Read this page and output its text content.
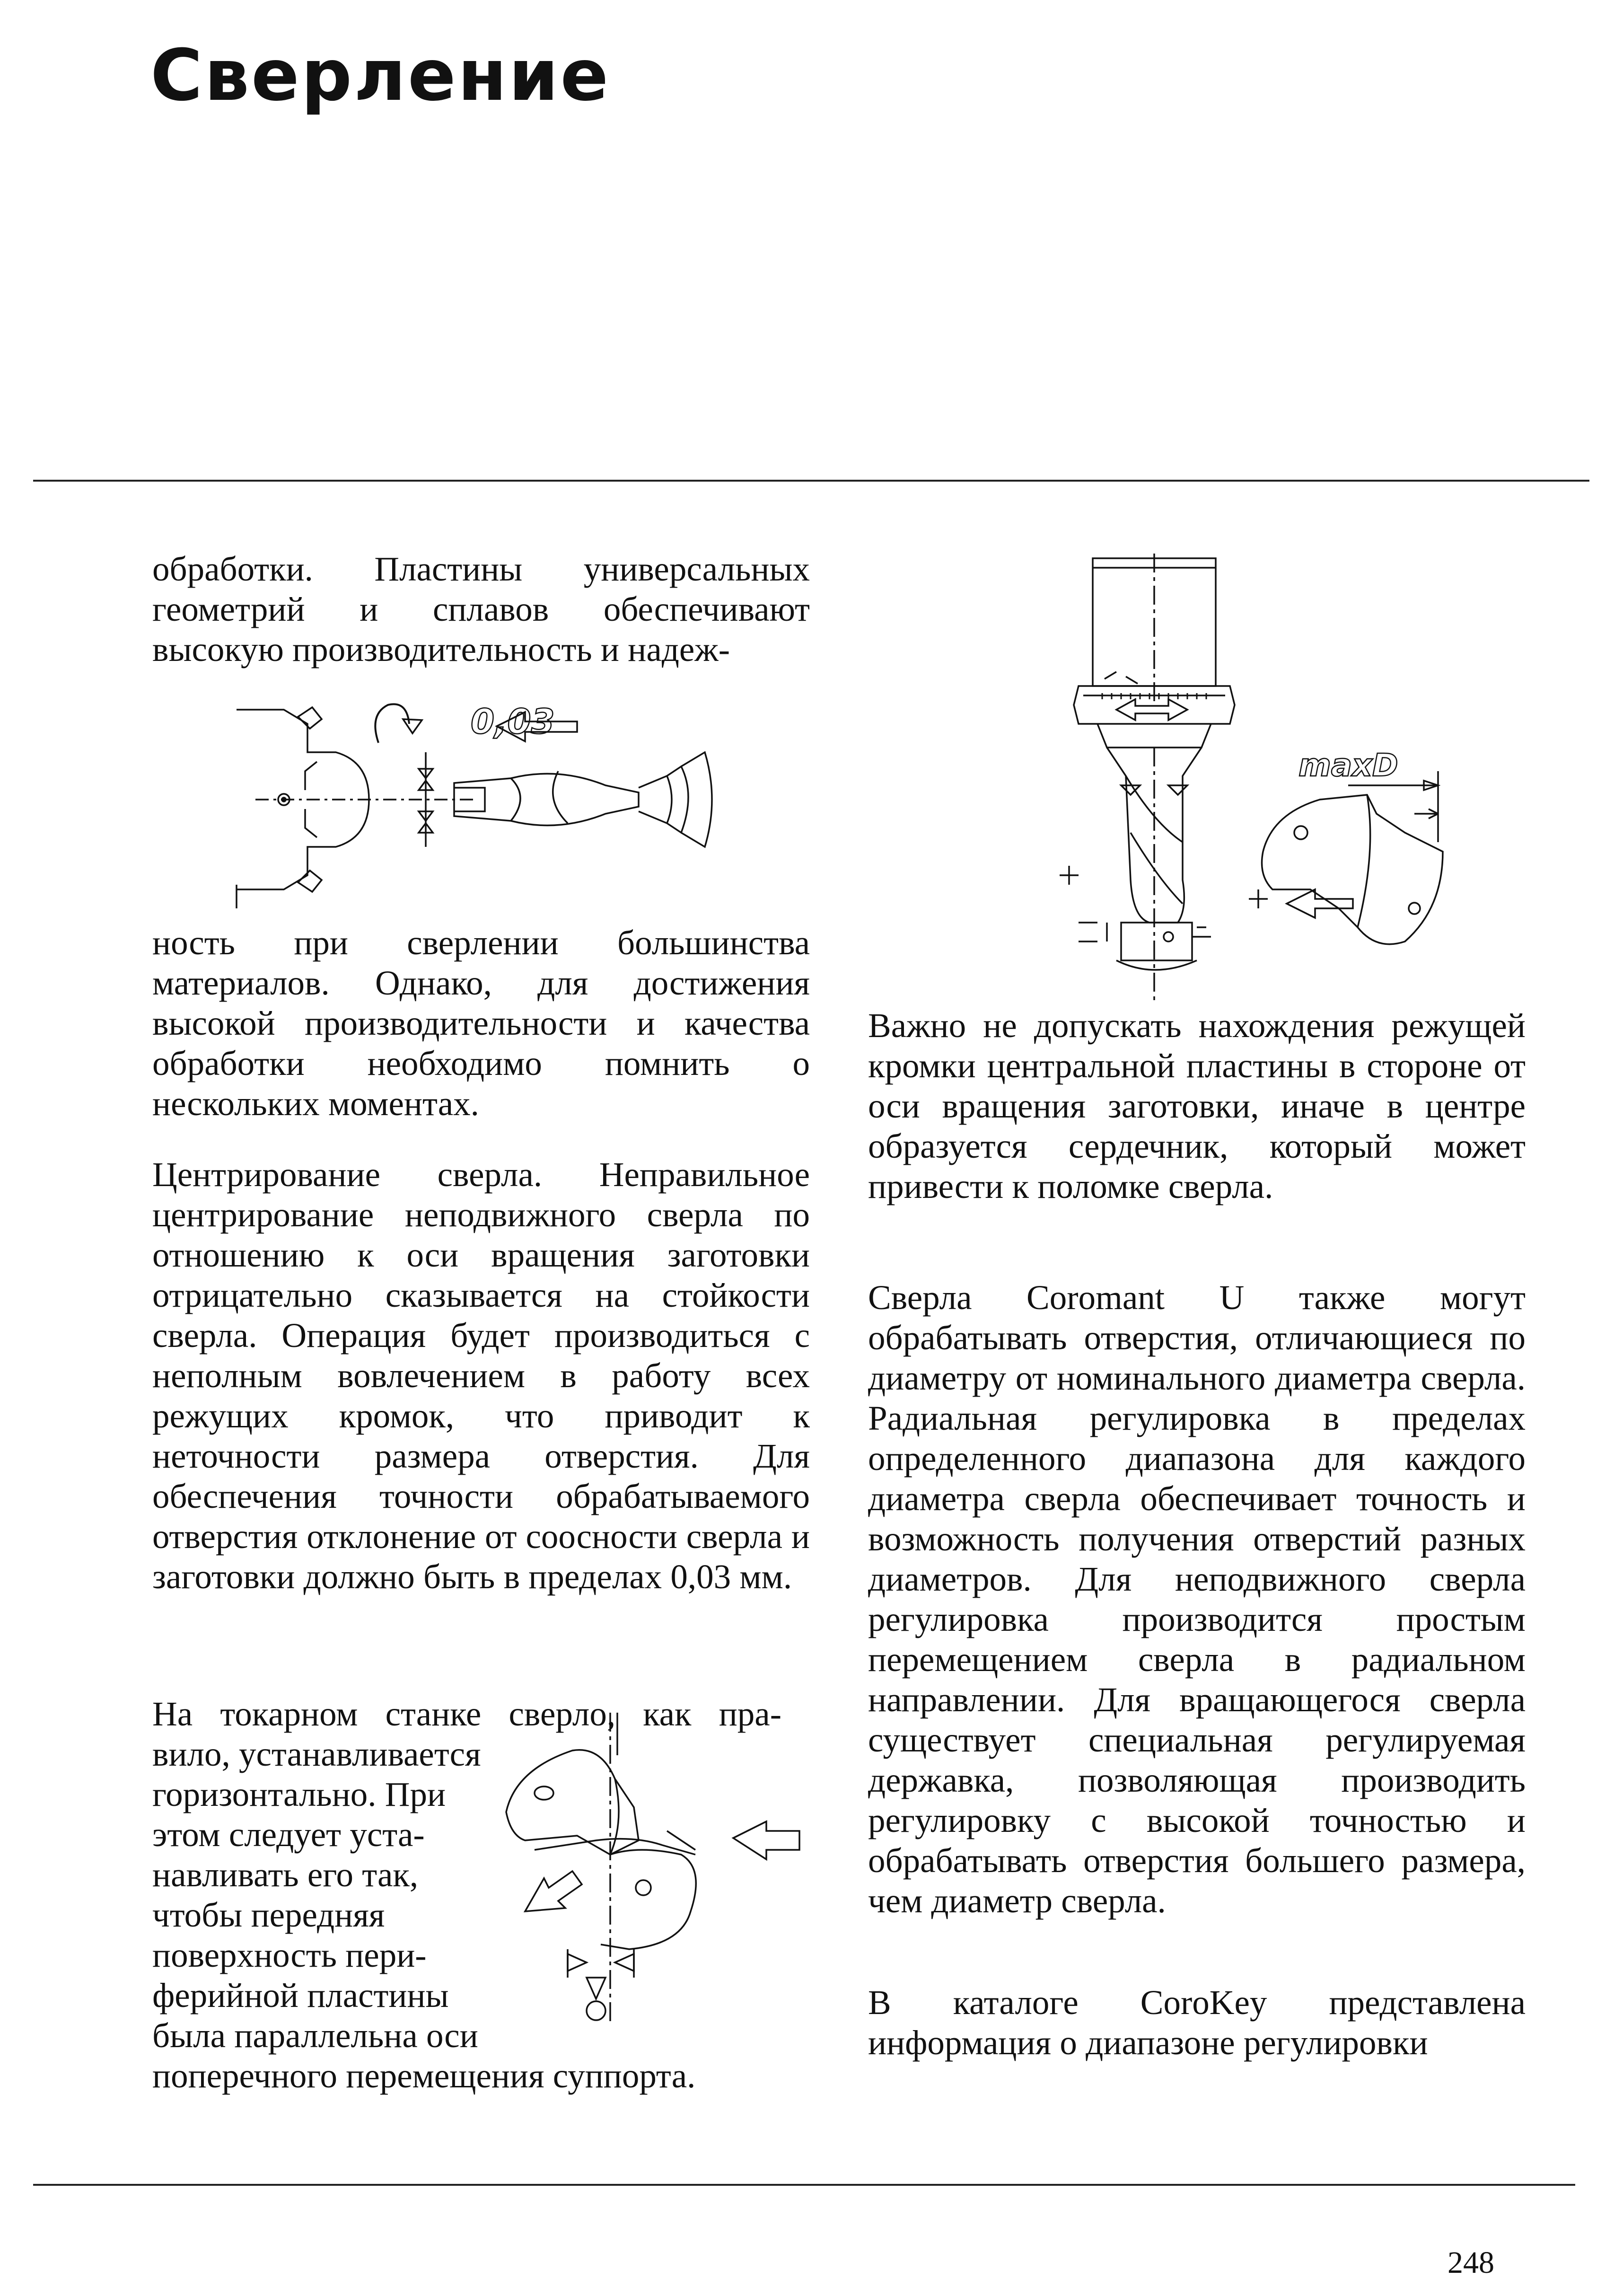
Сверление

обработки. Пластины универсальных геометрий и сплавов обеспечивают высокую производительность и надеж-

0,03

ность при сверлении большинства материалов. Однако, для достижения высокой производительности и качества обработки необходимо помнить о нескольких моментах.

Центрирование сверла. Неправильное центрирование неподвижного сверла по отношению к оси вращения заготовки отрицательно сказывается на стойкости сверла. Операция будет производиться с неполным вовлечением в работу всех режущих кромок, что приводит к неточности размера отверстия. Для обеспечения точности обрабатываемого отверстия отклонение от соосности сверла и заготовки должно быть в пределах 0,03 мм.

На токарном станке сверло, как пра-

вило, устанавливается
горизонтально. При
этом следует уста-
навливать его так,
чтобы передняя
поверхность пери-
ферийной пластины
была параллельна оси

поперечного перемещения суппорта.

maxD

Важно не допускать нахождения режущей кромки центральной пластины в стороне от оси вращения заготовки, иначе в центре образуется сердечник, который может привести к поломке сверла.

Сверла Coromant U также могут обрабатывать отверстия, отличающиеся по диаметру от номинального диаметра сверла. Радиальная регулировка в пределах определенного диапазона для каждого диаметра сверла обеспечивает точность и возможность получения отверстий разных диаметров. Для неподвижного сверла регулировка производится простым перемещением сверла в радиальном направлении. Для вращающегося сверла существует специальная регулируемая державка, позволяющая производить регулировку с высокой точностью и обрабатывать отверстия большего размера, чем диаметр сверла.

В каталоге CoroKey представлена информация о диапазоне регулировки

248
